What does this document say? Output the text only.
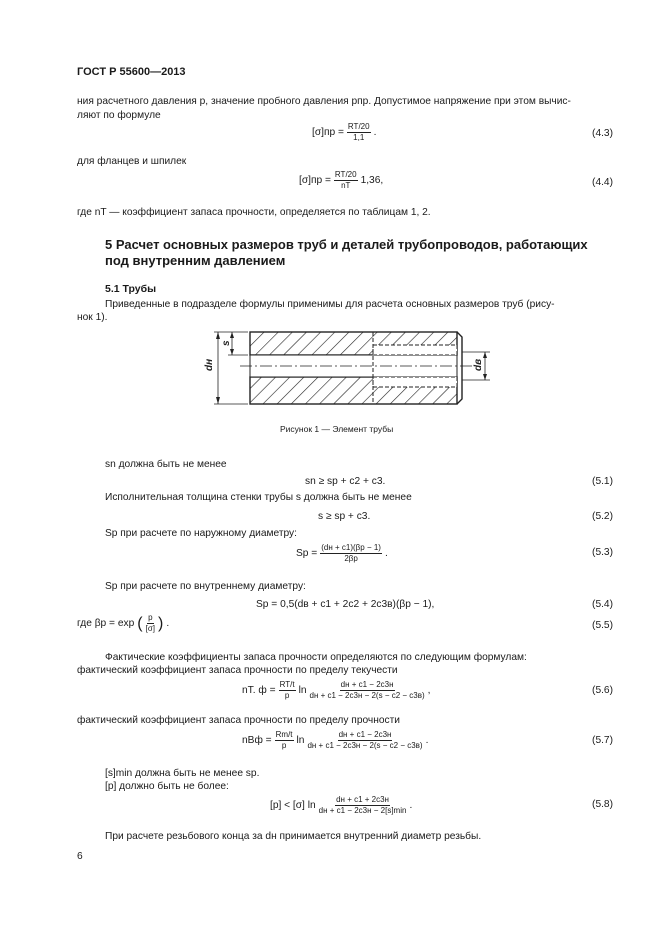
ГОСТ Р 55600—2013
ния расчетного давления p, значение пробного давления pпр. Допустимое напряжение при этом вычис-
ляют по формуле
$[\sigma]пр = \frac{RT/20}{1,1}$ .	(4.3)
для фланцев и шпилек
$[\sigma]пр = \frac{RT/20}{nT} 1,36$,	(4.4)
где nT — коэффициент запаса прочности, определяется по таблицам 1, 2.
5 Расчет основных размеров труб и деталей трубопроводов, работающих
под внутренним давлением
5.1 Трубы
Приведенные в подразделе формулы применимы для расчета основных размеров труб (рису-
нок 1).
dн
s
dв
Рисунок 1 — Элемент трубы
sn должна быть не менее
sn ≥ sp + c2 + c3.	(5.1)
Исполнительная толщина стенки трубы s должна быть не менее
s ≥ sp + c3.	(5.2)
Sp при расчете по наружному диаметру:
$Sp = \frac{(dн + c1)(\beta p - 1)}{2\beta p}$ .	(5.3)
Sp при расчете по внутреннему диаметру:
Sp = 0,5(dв + c1 + 2c2 + 2c3в)(βp − 1),	(5.4)
где βp = exp ( $\frac{p}{[\sigma]}$ ) .	(5.5)
Фактические коэффициенты запаса прочности определяются по следующим формулам:
фактический коэффициент запаса прочности по пределу текучести
nТ. $ф = \frac{RT/t}{p}$ $\ln \frac{dн + c1 - 2c3н}{dн + c1 - 2c3н - 2(s - c2 - c3в)}$ ,	(5.6)
фактический коэффициент запаса прочности по пределу прочности
nВф = $\frac{Rm/t}{p}$ $\ln \frac{dн + c1 - 2c3н}{dн + c1 - 2c3н - 2(s - c2 - c3в)}$ .	(5.7)
[s]min должна быть не менее sp.
[p] должно быть не более:
[p] < [σ] $\ln \frac{dн + c1 + 2c3н}{dн + c1 - 2c3н - 2[s]\min}$ .	(5.8)
При расчете резьбового конца за dн принимается внутренний диаметр резьбы.
6
